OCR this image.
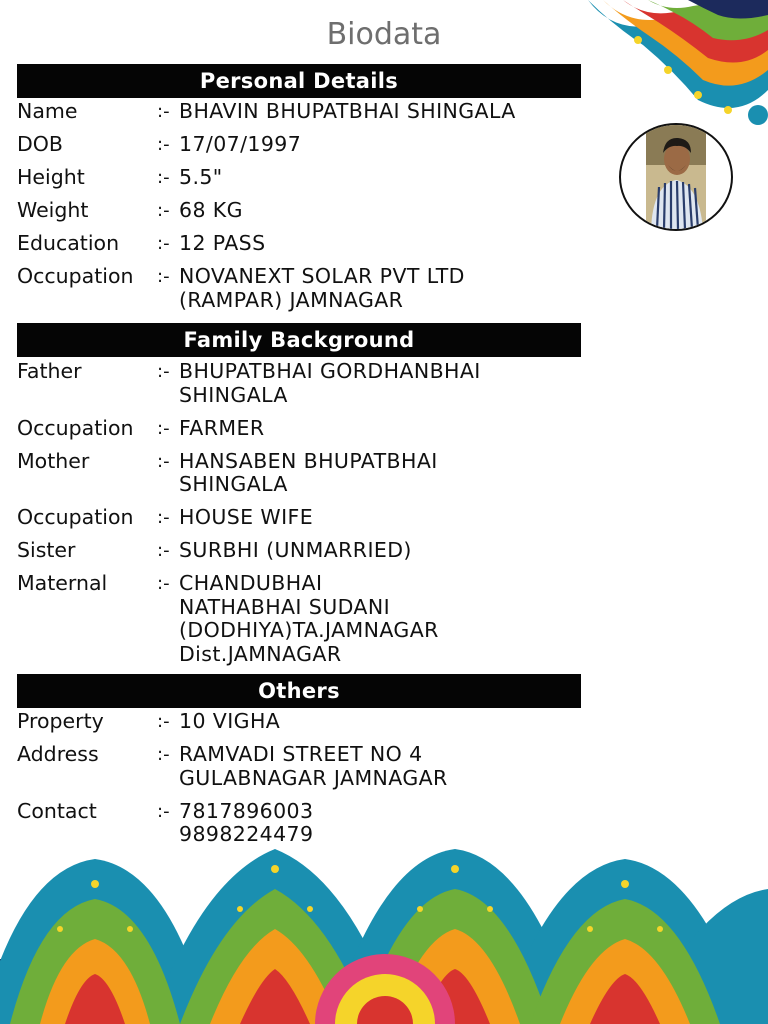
Biodata
Personal Details
Name	:- BHAVIN BHUPATBHAI SHINGALA
DOB	:- 17/07/1997
Height	:- 5.5"
Weight	:- 68 KG
Education	:- 12 PASS
Occupation	:- NOVANEXT SOLAR PVT LTD
(RAMPAR) JAMNAGAR
Family Background
Father	:- BHUPATBHAI GORDHANBHAI
SHINGALA
Occupation	:- FARMER
Mother	:- HANSABEN BHUPATBHAI
SHINGALA
Occupation	:- HOUSE WIFE
Sister	:- SURBHI (UNMARRIED)
Maternal	:- CHANDUBHAI
NATHABHAI SUDANI
(DODHIYA)TA.JAMNAGAR
Dist.JAMNAGAR
Others
Property	:- 10 VIGHA
Address	:- RAMVADI STREET NO 4
GULABNAGAR JAMNAGAR
Contact	:- 7817896003
9898224479
